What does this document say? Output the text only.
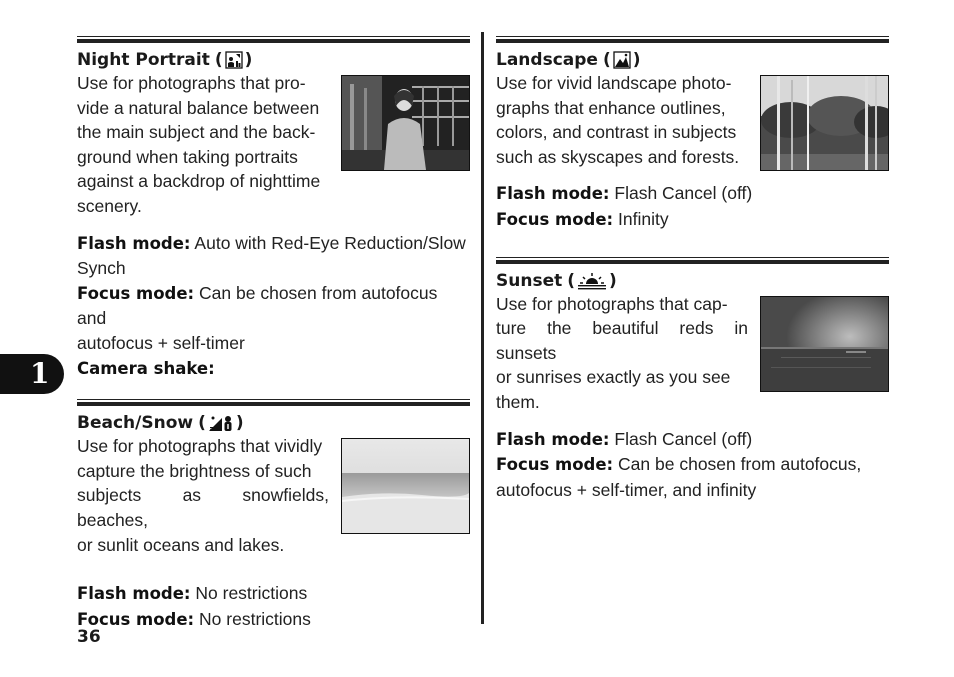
Night Portrait ( )
Use for photographs that pro-
vide a natural balance between
the main subject and the back-
ground when taking portraits
against a backdrop of nighttime
scenery.
Flash mode: Auto with Red-Eye Reduction/Slow
Synch
Focus mode: Can be chosen from autofocus and
autofocus + self-timer
Camera shake:
Beach/Snow ( )
Use for photographs that vividly
capture the brightness of such
subjects as snowfields, beaches,
or sunlit oceans and lakes.
Flash mode: No restrictions
Focus mode: No restrictions
Landscape ( )
Use for vivid landscape photo-
graphs that enhance outlines,
colors, and contrast in subjects
such as skyscapes and forests.
Flash mode: Flash Cancel (off)
Focus mode: Infinity
Sunset ( )
Use for photographs that cap-
ture the beautiful reds in sunsets
or sunrises exactly as you see
them.
Flash mode: Flash Cancel (off)
Focus mode: Can be chosen from autofocus,
autofocus + self-timer, and infinity
1
36
